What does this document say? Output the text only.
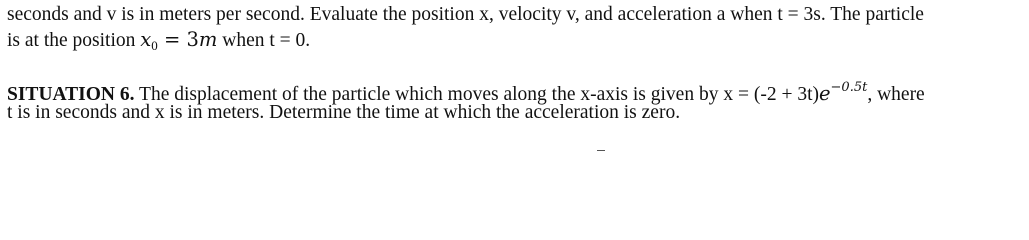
seconds and v is in meters per second. Evaluate the position x, velocity v, and acceleration a when t = 3s. The particle
is at the position $x_0 = 3m$ when t = 0.
SITUATION 6. The displacement of the particle which moves along the x-axis is given by $x = (-2 + 3t)e^{-0.5t}$, where
t is in seconds and x is in meters. Determine the time at which the acceleration is zero.
